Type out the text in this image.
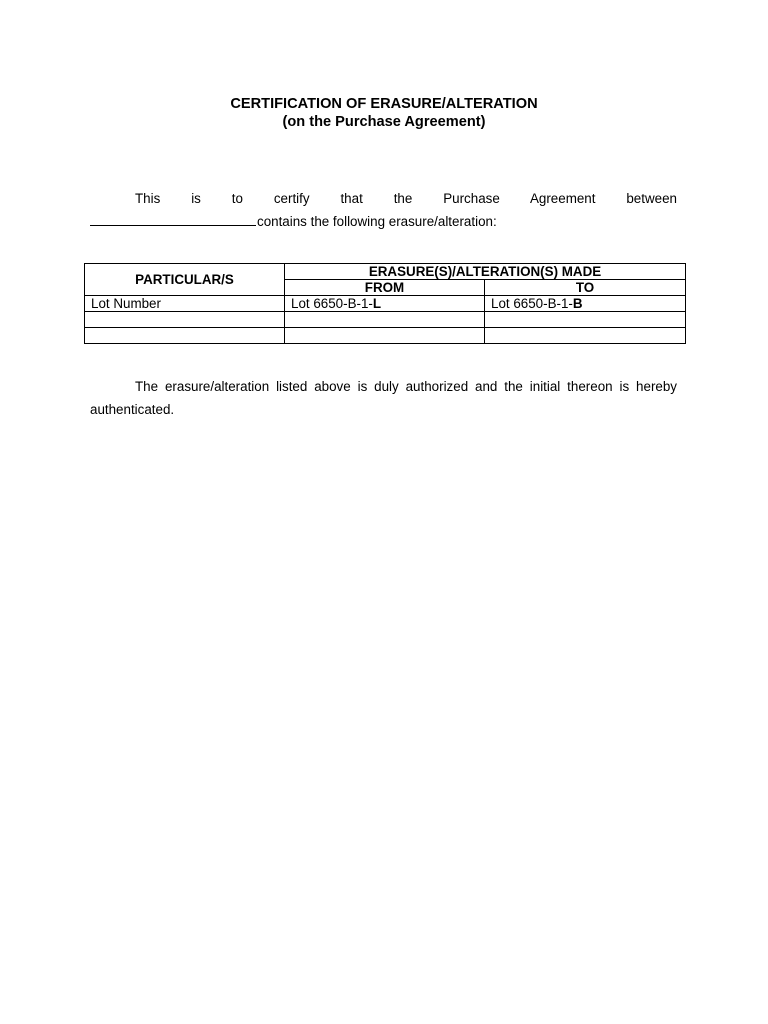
CERTIFICATION OF ERASURE/ALTERATION
(on the Purchase Agreement)
This is to certify that the Purchase Agreement between
contains the following erasure/alteration:
PARTICULAR/S	ERASURE(S)/ALTERATION(S) MADE	
	FROM	TO
Lot Number	Lot 6650-B-1-L	Lot 6650-B-1-B

The erasure/alteration listed above is duly authorized and the initial thereon is hereby authenticated.
